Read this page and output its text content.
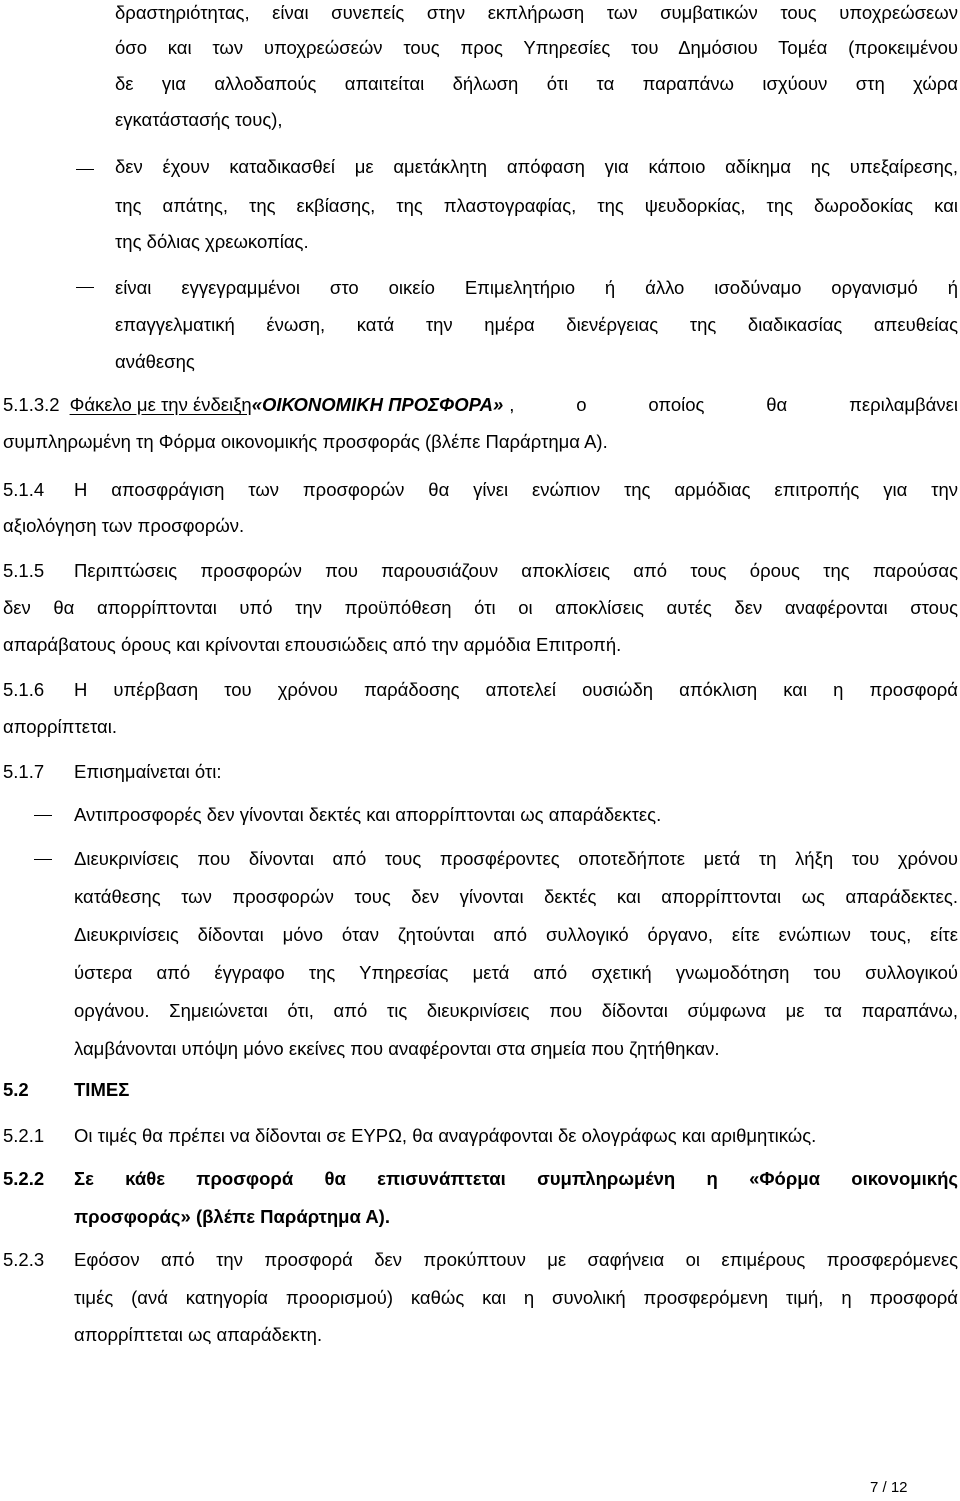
δραστηριότητας, είναι συνεπείς στην εκπλήρωση των συμβατικών τους υποχρεώσεων
όσο και των υποχρεώσεών τους προς Υπηρεσίες του Δημόσιου Τομέα (προκειμένου
δε για αλλοδαπούς απαιτείται δήλωση ότι τα παραπάνω ισχύουν στη χώρα
εγκατάστασής τους),
δεν έχουν καταδικασθεί με αμετάκλητη απόφαση για κάποιο αδίκημα ης υπεξαίρεσης,
της απάτης, της εκβίασης, της πλαστογραφίας, της ψευδορκίας, της δωροδοκίας και
της δόλιας χρεωκοπίας.
είναι εγγεγραμμένοι στο οικείο Επιμελητήριο ή άλλο ισοδύναμο οργανισμό ή
επαγγελματική ένωση, κατά την ημέρα διενέργειας της διαδικασίας απευθείας
ανάθεσης
5.1.3.2 Φάκελο με την ένδειξη «ΟΙΚΟΝΟΜΙΚΗ ΠΡΟΣΦΟΡΑ» , ο οποίος θα περιλαμβάνει
συμπληρωμένη τη Φόρμα οικονομικής προσφοράς (βλέπε Παράρτημα Α).
5.1.4 Η αποσφράγιση των προσφορών θα γίνει ενώπιον της αρμόδιας επιτροπής για την
αξιολόγηση των προσφορών.
5.1.5 Περιπτώσεις προσφορών που παρουσιάζουν αποκλίσεις από τους όρους της παρούσας
δεν θα απορρίπτονται υπό την προϋπόθεση ότι οι αποκλίσεις αυτές δεν αναφέρονται στους
απαράβατους όρους και κρίνονται επουσιώδεις από την αρμόδια Επιτροπή.
5.1.6 Η υπέρβαση του χρόνου παράδοσης αποτελεί ουσιώδη απόκλιση και η προσφορά
απορρίπτεται.
5.1.7 Επισημαίνεται ότι:
Αντιπροσφορές δεν γίνονται δεκτές και απορρίπτονται ως απαράδεκτες.
Διευκρινίσεις που δίνονται από τους προσφέροντες οποτεδήποτε μετά τη λήξη του χρόνου
κατάθεσης των προσφορών τους δεν γίνονται δεκτές και απορρίπτονται ως απαράδεκτες.
Διευκρινίσεις δίδονται μόνο όταν ζητούνται από συλλογικό όργανο, είτε ενώπιων τους, είτε
ύστερα από έγγραφο της Υπηρεσίας μετά από σχετική γνωμοδότηση του συλλογικού
οργάνου. Σημειώνεται ότι, από τις διευκρινίσεις που δίδονται σύμφωνα με τα παραπάνω,
λαμβάνονται υπόψη μόνο εκείνες που αναφέρονται στα σημεία που ζητήθηκαν.
5.2 ΤΙΜΕΣ
5.2.1 Οι τιμές θα πρέπει να δίδονται σε ΕΥΡΩ, θα αναγράφονται δε ολογράφως και αριθμητικώς.
5.2.2 Σε κάθε προσφορά θα επισυνάπτεται συμπληρωμένη η «Φόρμα οικονομικής
προσφοράς» (βλέπε Παράρτημα Α).
5.2.3 Εφόσον από την προσφορά δεν προκύπτουν με σαφήνεια οι επιμέρους προσφερόμενες
τιμές (ανά κατηγορία προορισμού) καθώς και η συνολική προσφερόμενη τιμή, η προσφορά
απορρίπτεται ως απαράδεκτη.
7 / 12
